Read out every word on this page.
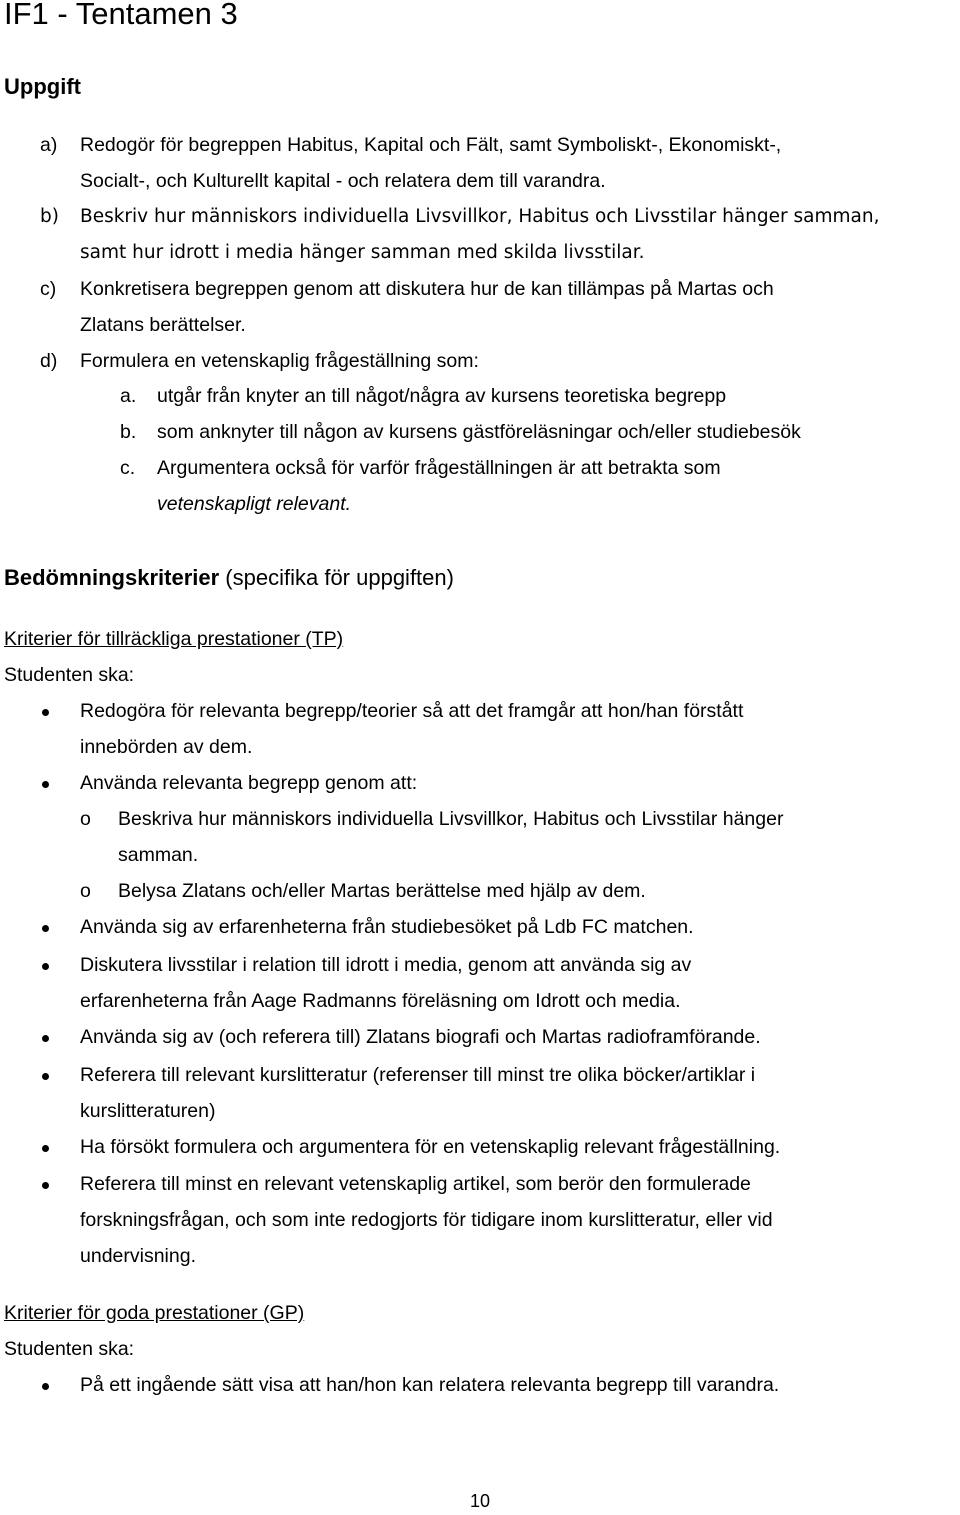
IF1 - Tentamen 3
Uppgift
a) Redogör för begreppen Habitus, Kapital och Fält, samt Symboliskt-, Ekonomiskt-,
Socialt-, och Kulturellt kapital - och relatera dem till varandra.
b) Beskriv hur människors individuella Livsvillkor, Habitus och Livsstilar hänger samman,
samt hur idrott i media hänger samman med skilda livsstilar.
c) Konkretisera begreppen genom att diskutera hur de kan tillämpas på Martas och
Zlatans berättelser.
d) Formulera en vetenskaplig frågeställning som:
a. utgår från knyter an till något/några av kursens teoretiska begrepp
b. som anknyter till någon av kursens gästföreläsningar och/eller studiebesök
c. Argumentera också för varför frågeställningen är att betrakta som
vetenskapligt relevant.
Bedömningskriterier (specifika för uppgiften)
Kriterier för tillräckliga prestationer (TP)
Studenten ska:
Redogöra för relevanta begrepp/teorier så att det framgår att hon/han förstått
innebörden av dem.
Använda relevanta begrepp genom att:
o Beskriva hur människors individuella Livsvillkor, Habitus och Livsstilar hänger
samman.
o Belysa Zlatans och/eller Martas berättelse med hjälp av dem.
Använda sig av erfarenheterna från studiebesöket på Ldb FC matchen.
Diskutera livsstilar i relation till idrott i media, genom att använda sig av
erfarenheterna från Aage Radmanns föreläsning om Idrott och media.
Använda sig av (och referera till) Zlatans biografi och Martas radioframförande.
Referera till relevant kurslitteratur (referenser till minst tre olika böcker/artiklar i
kurslitteraturen)
Ha försökt formulera och argumentera för en vetenskaplig relevant frågeställning.
Referera till minst en relevant vetenskaplig artikel, som berör den formulerade
forskningsfrågan, och som inte redogjorts för tidigare inom kurslitteratur, eller vid
undervisning.
Kriterier för goda prestationer (GP)
Studenten ska:
På ett ingående sätt visa att han/hon kan relatera relevanta begrepp till varandra.
10
